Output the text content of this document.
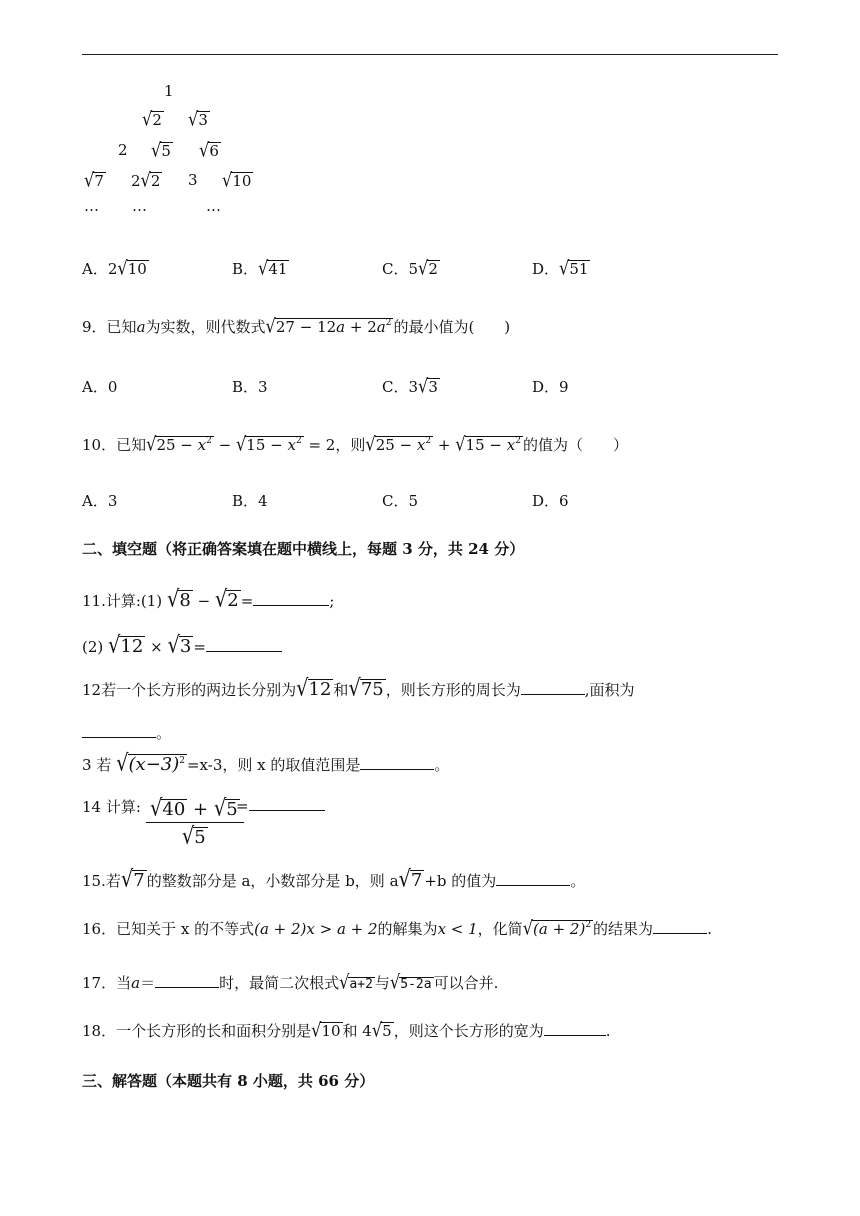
1
√2 √3
2 √5 √6
√7 2√2 3 √10
… …	…
A．2√10	B．√41	C．5√2	D．√51
9．已知a为实数，则代数式$√27 - 12a + 2a^2$ 的最小值为(　　)
A．0	B．3	C．3√3	D．9
10．已知$√25 - x^2 - √15 - x^2 = 2$，则$√25 - x^2 + √15 - x^2$ 的值为（　　）
A．3	B．4	C．5	D．6
二、填空题（将正确答案填在题中横线上，每题 3 分，共 24 分）
11.计算:(1) √8 − √2 =	;
(2) √12 × √3 =
12若一个长方形的两边长分别为√12 和√75 ，则长方形的周长为	,面积为
。
3 若 $√(x-3)^2 =x-3$，则 x 的取值范围是	。
14 计算: $\frac{√40 + √5}{√5}$
=
15.若√7 的整数部分是 a，小数部分是 b，则 a√7 +b 的值为	。
16．已知关于 x 的不等式(a + 2)x > a + 2的解集为x < 1，化简$√(a + 2)^2$ 的结果为	.
17．当a＝	时，最简二次根式√a+2 与√5-2a 可以合并.
18．一个长方形的长和面积分别是√10 和 4√5 ，则这个长方形的宽为	.
三、解答题（本题共有 8 小题，共 66 分）
